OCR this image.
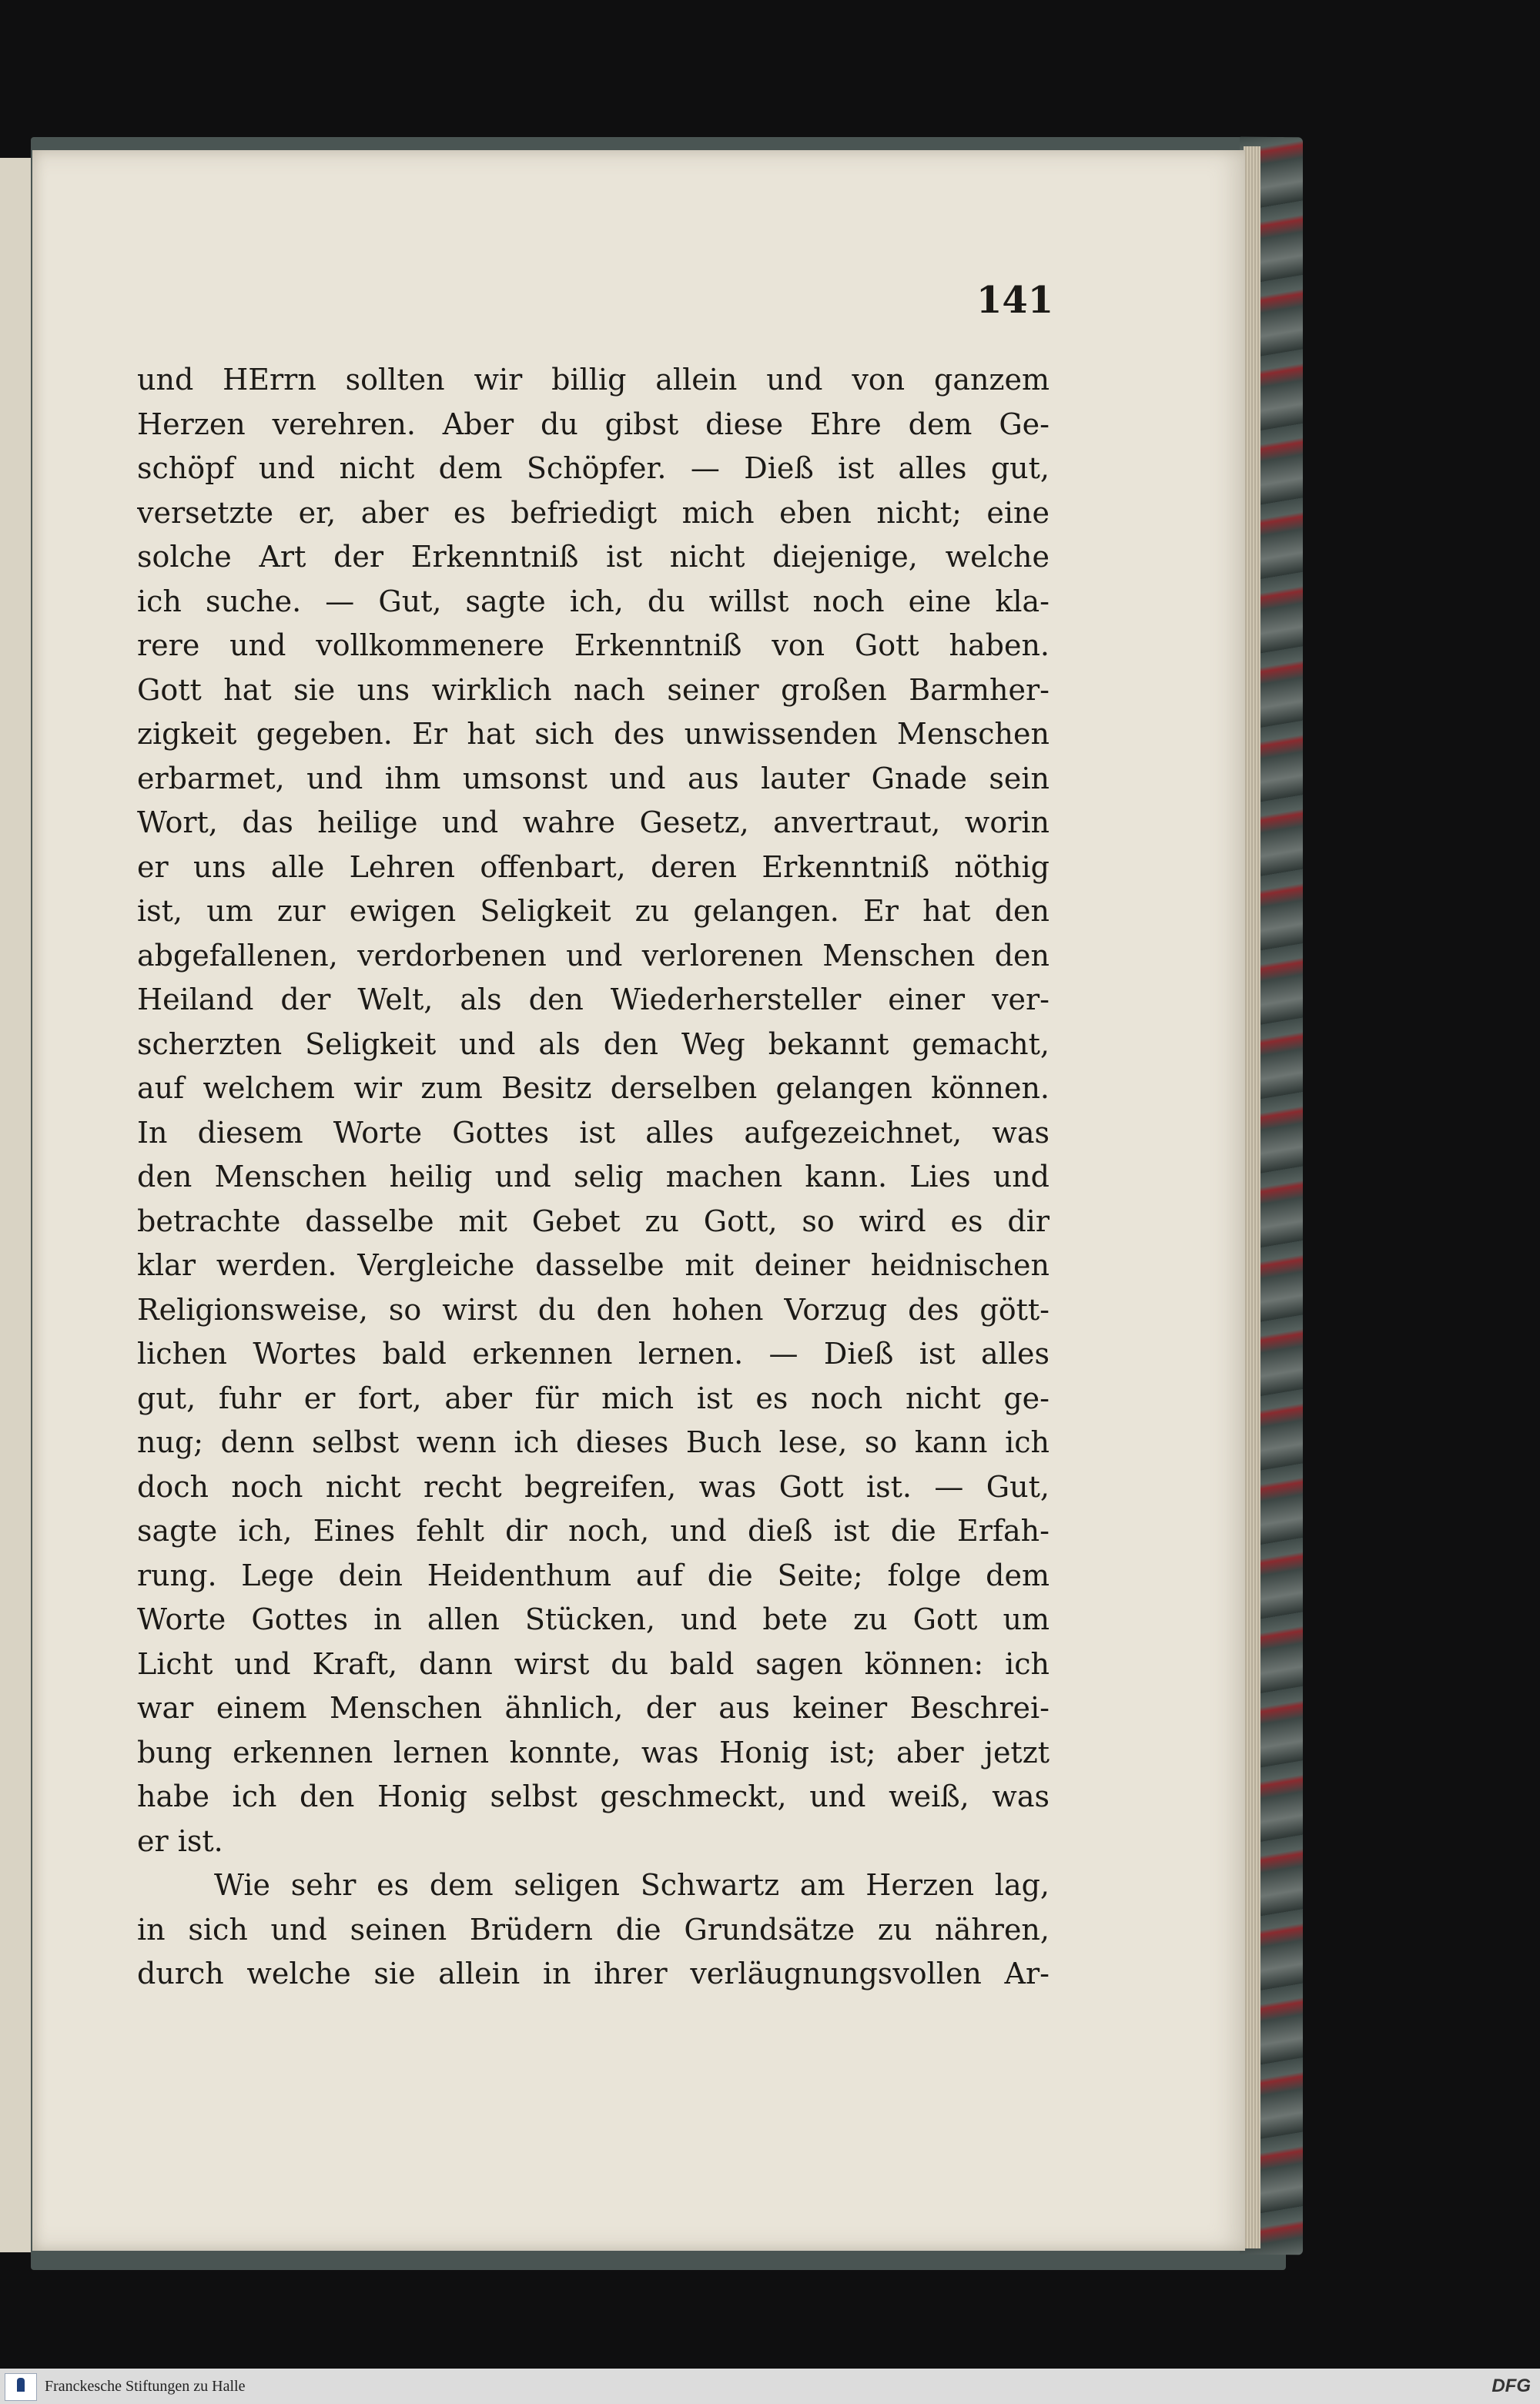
141
und HErrn sollten wir billig allein und von ganzem
Herzen verehren. Aber du gibst diese Ehre dem Ge-
schöpf und nicht dem Schöpfer. — Dieß ist alles gut,
versetzte er, aber es befriedigt mich eben nicht; eine
solche Art der Erkenntniß ist nicht diejenige, welche
ich suche. — Gut, sagte ich, du willst noch eine kla-
rere und vollkommenere Erkenntniß von Gott haben.
Gott hat sie uns wirklich nach seiner großen Barmher-
zigkeit gegeben. Er hat sich des unwissenden Menschen
erbarmet, und ihm umsonst und aus lauter Gnade sein
Wort, das heilige und wahre Gesetz, anvertraut, worin
er uns alle Lehren offenbart, deren Erkenntniß nöthig
ist, um zur ewigen Seligkeit zu gelangen. Er hat den
abgefallenen, verdorbenen und verlorenen Menschen den
Heiland der Welt, als den Wiederhersteller einer ver-
scherzten Seligkeit und als den Weg bekannt gemacht,
auf welchem wir zum Besitz derselben gelangen können.
In diesem Worte Gottes ist alles aufgezeichnet, was
den Menschen heilig und selig machen kann. Lies und
betrachte dasselbe mit Gebet zu Gott, so wird es dir
klar werden. Vergleiche dasselbe mit deiner heidnischen
Religionsweise, so wirst du den hohen Vorzug des gött-
lichen Wortes bald erkennen lernen. — Dieß ist alles
gut, fuhr er fort, aber für mich ist es noch nicht ge-
nug; denn selbst wenn ich dieses Buch lese, so kann ich
doch noch nicht recht begreifen, was Gott ist. — Gut,
sagte ich, Eines fehlt dir noch, und dieß ist die Erfah-
rung. Lege dein Heidenthum auf die Seite; folge dem
Worte Gottes in allen Stücken, und bete zu Gott um
Licht und Kraft, dann wirst du bald sagen können: ich
war einem Menschen ähnlich, der aus keiner Beschrei-
bung erkennen lernen konnte, was Honig ist; aber jetzt
habe ich den Honig selbst geschmeckt, und weiß, was
er ist.
Wie sehr es dem seligen Schwartz am Herzen lag,
in sich und seinen Brüdern die Grundsätze zu nähren,
durch welche sie allein in ihrer verläugnungsvollen Ar-
Franckesche Stiftungen zu Halle	DFG
